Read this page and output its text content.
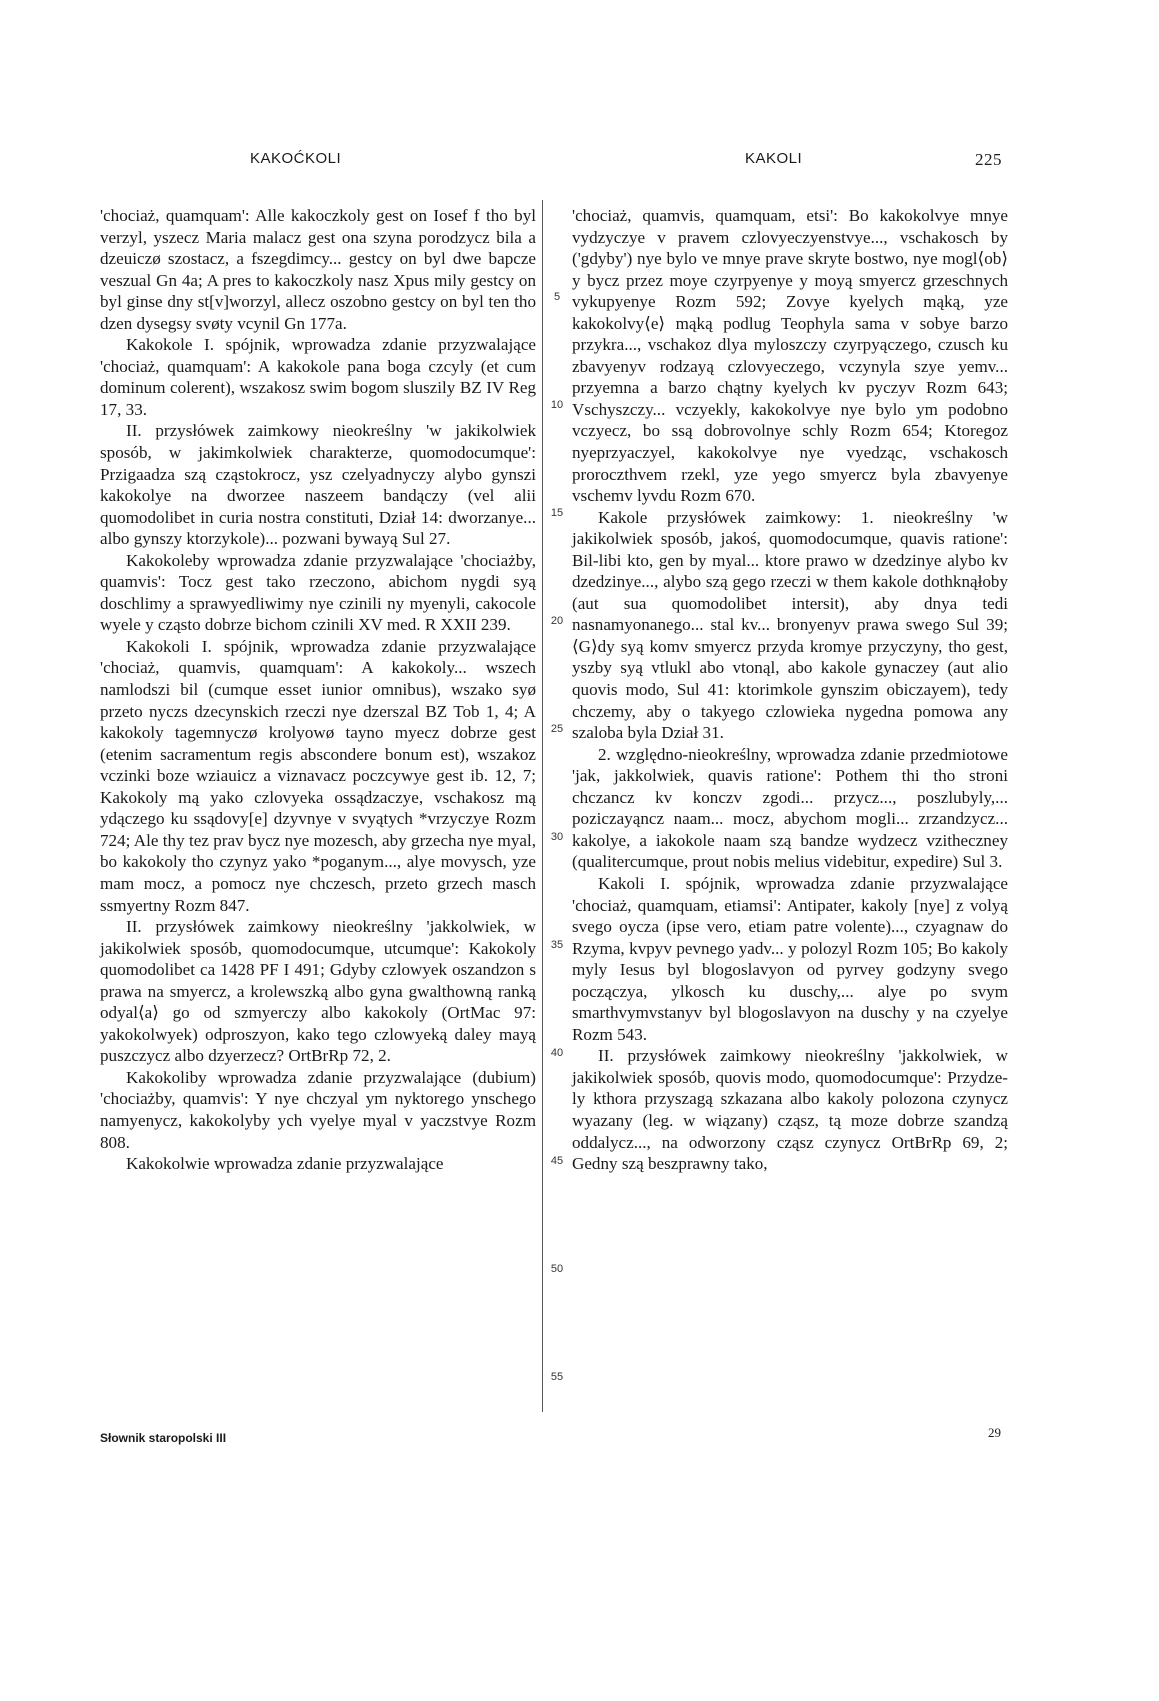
KAKOĆKOLI	KAKOLI	225

'chociaż, quamquam': Alle kakoczkoly gest on Iosef f tho byl verzyl, yszecz Maria malacz gest ona szyna porodzycz bila a dzeuiczø szostacz, a fszegdimcy... gestcy on byl dwe bapcze veszual Gn 4a; A pres to kakoczkoly nasz Xpus mily gestcy on byl ginse dny st[v]worzyl, allecz oszobno gestcy on byl ten tho dzen dysegsy svøty vcynil Gn 177a.

Kakokole I. spójnik, wprowadza zdanie przyzwalające 'chociaż, quamquam': A kakokole pana boga czcyly (et cum dominum colerent), wszakosz swim bogom sluszily BZ IV Reg 17, 33.

II. przysłówek zaimkowy nieokreślny 'w jakikolwiek sposób, w jakimkolwiek charakterze, quomodocumque': Przigaadza szą cząstokrocz, ysz czelyadnyczy alybo gynszi kakokolye na dworzee naszeem bandączy (vel alii quomodolibet in curia nostra constituti, Dział 14: dworzanye... albo gynszy ktorzykole)... pozwani bywayą Sul 27.

Kakokoleby wprowadza zdanie przyzwalające 'chociażby, quamvis': Tocz gest tako rzeczono, abichom nygdi syą doschlimy a sprawyedliwimy nye czinili ny myenyli, cakocole wyele y cząsto dobrze bichom czinili XV med. R XXII 239.

Kakokoli I. spójnik, wprowadza zdanie przyzwalające 'chociaż, quamvis, quamquam': A kakokoly... wszech namlodszi bil (cumque esset iunior omnibus), wszako syø przeto nyczs dzecynskich rzeczi nye dzerszal BZ Tob 1, 4; A kakokoly tagemnyczø krolyowø tayno myecz dobrze gest (etenim sacramentum regis abscondere bonum est), wszakoz vczinki boze wziauicz a viznavacz poczcywye gest ib. 12, 7; Kakokoly mą yako czlovyeka ossądzaczye, vschakosz mą ydączego ku ssądovy[e] dzyvnye v svyątych *vrzyczye Rozm 724; Ale thy tez prav bycz nye mozesch, aby grzecha nye myal, bo kakokoly tho czynyz yako *poganym..., alye movysch, yze mam mocz, a pomocz nye chczesch, przeto grzech masch ssmyertny Rozm 847.

II. przysłówek zaimkowy nieokreślny 'jakkolwiek, w jakikolwiek sposób, quomodocumque, utcumque': Kakokoly quomodolibet ca 1428 PF I 491; Gdyby czlowyek oszandzon s prawa na smyercz, a krolewszką albo gyna gwalthowną ranką odyal⟨a⟩ go od szmyerczy albo kakokoly (OrtMac 97: yakokolwyek) odproszyon, kako tego czlowyeką daley mayą puszczycz albo dzyerzecz? OrtBrRp 72, 2.

Kakokoliby wprowadza zdanie przyzwalające (dubium) 'chociażby, quamvis': Y nye chczyal ym nyktorego ynschego namyenycz, kakokolyby ych vyelye myal v yaczstvye Rozm 808.

Kakokolwie wprowadza zdanie przyzwalające

5
10
15
20
25
30
35
40
45
50
55

'chociaż, quamvis, quamquam, etsi': Bo kakokolvye mnye vydzyczye v pravem czlovyeczyenstvye..., vschakosch by ('gdyby') nye bylo ve mnye prave skryte bostwo, nye mogl⟨ob⟩y bycz przez moye czyrpyenye y moyą smyercz grzeschnych vykupyenye Rozm 592; Zovye kyelych mąką, yze kakokolvy⟨e⟩ mąką podlug Teophyla sama v sobye barzo przykra..., vschakoz dlya myloszczy czyrpyączego, czusch ku zbavyenyv rodzayą czlovyeczego, vczynyla szye yemv... przyemna a barzo chątny kyelych kv pyczyv Rozm 643; Vschyszczy... vczyekly, kakokolvye nye bylo ym podobno vczyecz, bo ssą dobrovolnye schly Rozm 654; Ktoregoz nyeprzyaczyel, kakokolvye nye vyedząc, vschakosch proroczthvem rzekl, yze yego smyercz byla zbavyenye vschemv lyvdu Rozm 670.

Kakole przysłówek zaimkowy: 1. nieokreślny 'w jakikolwiek sposób, jakoś, quomodocumque, quavis ratione': Bil-libi kto, gen by myal... ktore prawo w dzedzinye alybo kv dzedzinye..., alybo szą gego rzeczi w them kakole dothknąłoby (aut sua quomodolibet intersit), aby dnya tedi nasnamyonanego... stal kv... bronyenyv prawa swego Sul 39; ⟨G⟩dy syą komv smyercz przyda kromye przyczyny, tho gest, yszby syą vtlukl abo vtonąl, abo kakole gynaczey (aut alio quovis modo, Sul 41: ktorimkole gynszim obiczayem), tedy chczemy, aby o takyego czlowieka nygedna pomowa any szaloba byla Dział 31.

2. względno-nieokreślny, wprowadza zdanie przedmiotowe 'jak, jakkolwiek, quavis ratione': Pothem thi tho stroni chczancz kv konczv zgodi... przycz..., poszlubyly,... poziczayąncz naam... mocz, abychom mogli... zrzandzycz... kakolye, a iakokole naam szą bandze wydzecz vzitheczney (qualitercumque, prout nobis melius videbitur, expedire) Sul 3.

Kakoli I. spójnik, wprowadza zdanie przyzwalające 'chociaż, quamquam, etiamsi': Antipater, kakoly [nye] z volyą svego oycza (ipse vero, etiam patre volente)..., czyagnaw do Rzyma, kvpyv pevnego yadv... y polozyl Rozm 105; Bo kakoly myly Iesus byl blogoslavyon od pyrvey godzyny svego począczya, ylkosch ku duschy,... alye po svym smarthvymvstanyv byl blogoslavyon na duschy y na czyelye Rozm 543.

II. przysłówek zaimkowy nieokreślny 'jakkolwiek, w jakikolwiek sposób, quovis modo, quomodocumque': Przydze-ly kthora przyszagą szkazana albo kakoly polozona czynycz wyazany (leg. w wiązany) cząsz, tą moze dobrze szandzą oddalycz..., na odworzony cząsz czynycz OrtBrRp 69, 2; Gedny szą beszprawny tako,

Słownik staropolski III	29
